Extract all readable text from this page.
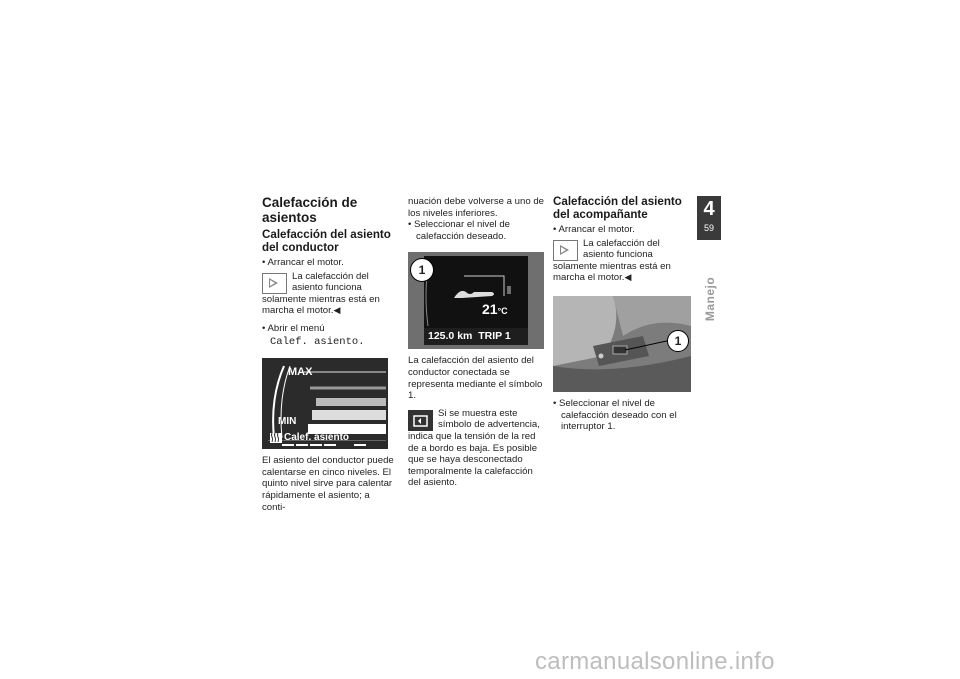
Calefacción de asientos
Calefacción del asiento del conductor

• Arrancar el motor.

La calefacción del asiento funciona solamente mientras está en marcha el motor.◀

• Abrir el menú

Calef. asiento.

MAX
MIN
Calef. asiento

El asiento del conductor puede calentarse en cinco niveles. El quinto nivel sirve para calentar rápidamente el asiento; a conti-

nuación debe volverse a uno de los niveles inferiores.

• Seleccionar el nivel de calefacción deseado.

21°C
125.0 km  TRIP 1
1

La calefacción del asiento del conductor conectada se representa mediante el símbolo 1.

Si se muestra este símbolo de advertencia, indica que la tensión de la red de a bordo es baja. Es posible que se haya desconectado temporalmente la calefacción del asiento.
Calefacción del asiento del acompañante

• Arrancar el motor.

La calefacción del asiento funciona solamente mientras está en marcha el motor.◀
1

• Seleccionar el nivel de calefacción deseado con el interruptor 1.

4
59
Manejo
carmanualsonline.info
